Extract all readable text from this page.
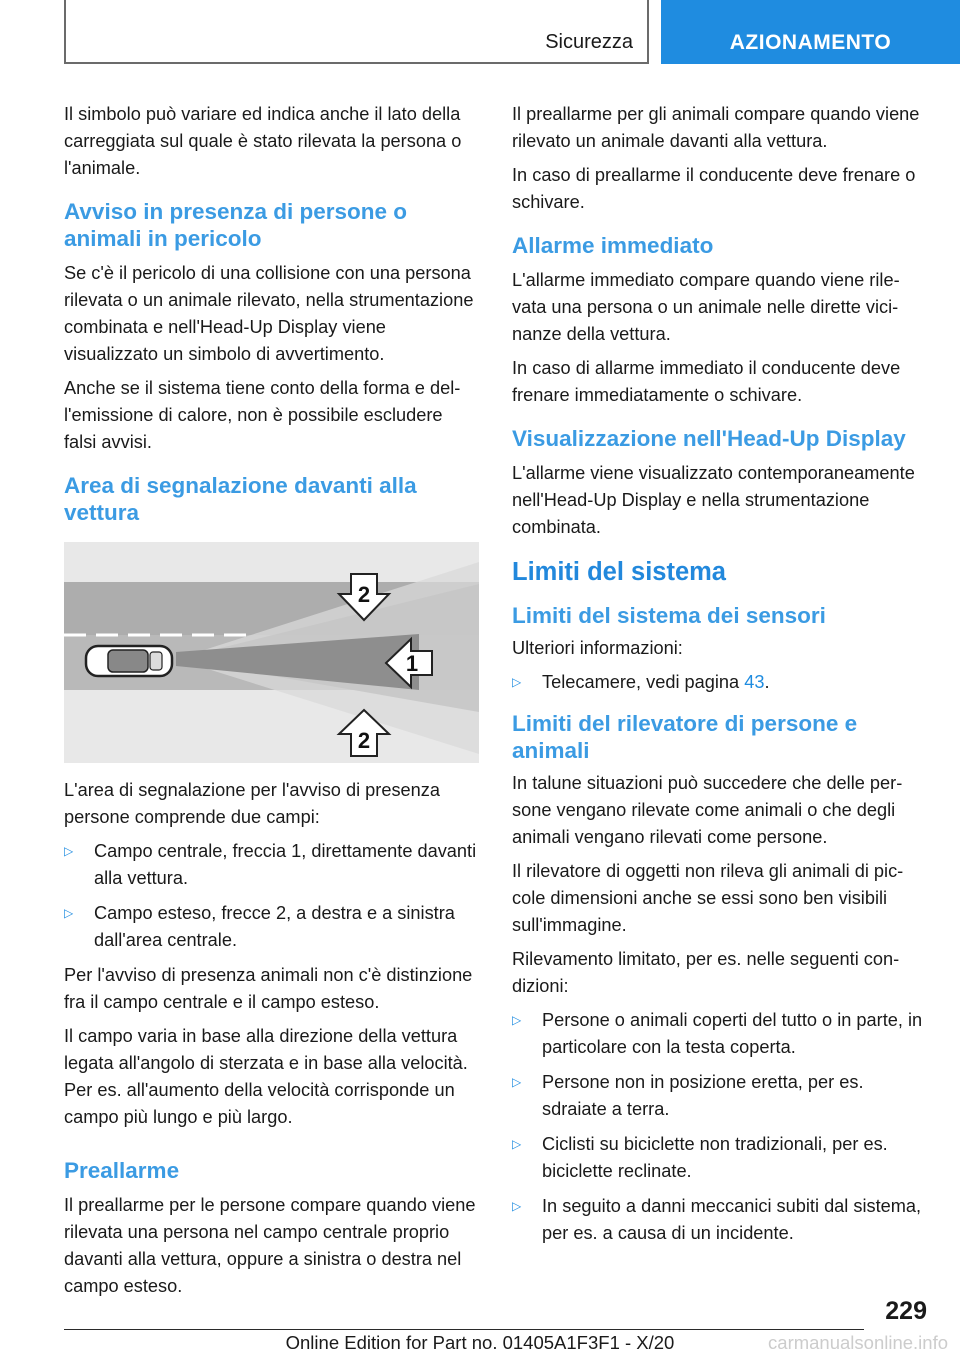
Sicurezza	AZIONAMENTO

Il simbolo può variare ed indica anche il lato della carreggiata sul quale è stato rilevata la persona o l'animale.

Avviso in presenza di persone o animali in pericolo

Se c'è il pericolo di una collisione con una persona rilevata o un animale rilevato, nella strumentazione combinata e nell'Head-Up Display viene visualizzato un simbolo di avvertimento.

Anche se il sistema tiene conto della forma e dell'emissione di calore, non è possibile escludere falsi avvisi.

Area di segnalazione davanti alla vettura
2
1
2

L'area di segnalazione per l'avviso di presenza persone comprende due campi:

▷ Campo centrale, freccia 1, direttamente davanti alla vettura.
▷ Campo esteso, frecce 2, a destra e a sinistra dall'area centrale.

Per l'avviso di presenza animali non c'è distinzione fra il campo centrale e il campo esteso.

Il campo varia in base alla direzione della vettura legata all'angolo di sterzata e in base alla velocità. Per es. all'aumento della velocità corrisponde un campo più lungo e più largo.

Preallarme

Il preallarme per le persone compare quando viene rilevata una persona nel campo centrale proprio davanti alla vettura, oppure a sinistra o destra nel campo esteso.

Il preallarme per gli animali compare quando viene rilevato un animale davanti alla vettura.

In caso di preallarme il conducente deve frenare o schivare.

Allarme immediato

L'allarme immediato compare quando viene rilevata una persona o un animale nelle dirette vicinanze della vettura.

In caso di allarme immediato il conducente deve frenare immediatamente o schivare.

Visualizzazione nell'Head-Up Display

L'allarme viene visualizzato contemporaneamente nell'Head-Up Display e nella strumentazione combinata.

Limiti del sistema
Limiti del sistema dei sensori

Ulteriori informazioni:

▷ Telecamere, vedi pagina 43.
Limiti del rilevatore di persone e animali

In talune situazioni può succedere che delle persone vengano rilevate come animali o che degli animali vengano rilevati come persone.

Il rilevatore di oggetti non rileva gli animali di piccole dimensioni anche se essi sono ben visibili sull'immagine.

Rilevamento limitato, per es. nelle seguenti condizioni:

▷ Persone o animali coperti del tutto o in parte, in particolare con la testa coperta.
▷ Persone non in posizione eretta, per es. sdraiate a terra.
▷ Ciclisti su biciclette non tradizionali, per es. biciclette reclinate.
▷ In seguito a danni meccanici subiti dal sistema, per es. a causa di un incidente.
229
Online Edition for Part no. 01405A1F3F1 - X/20	carmanualsonline.info
